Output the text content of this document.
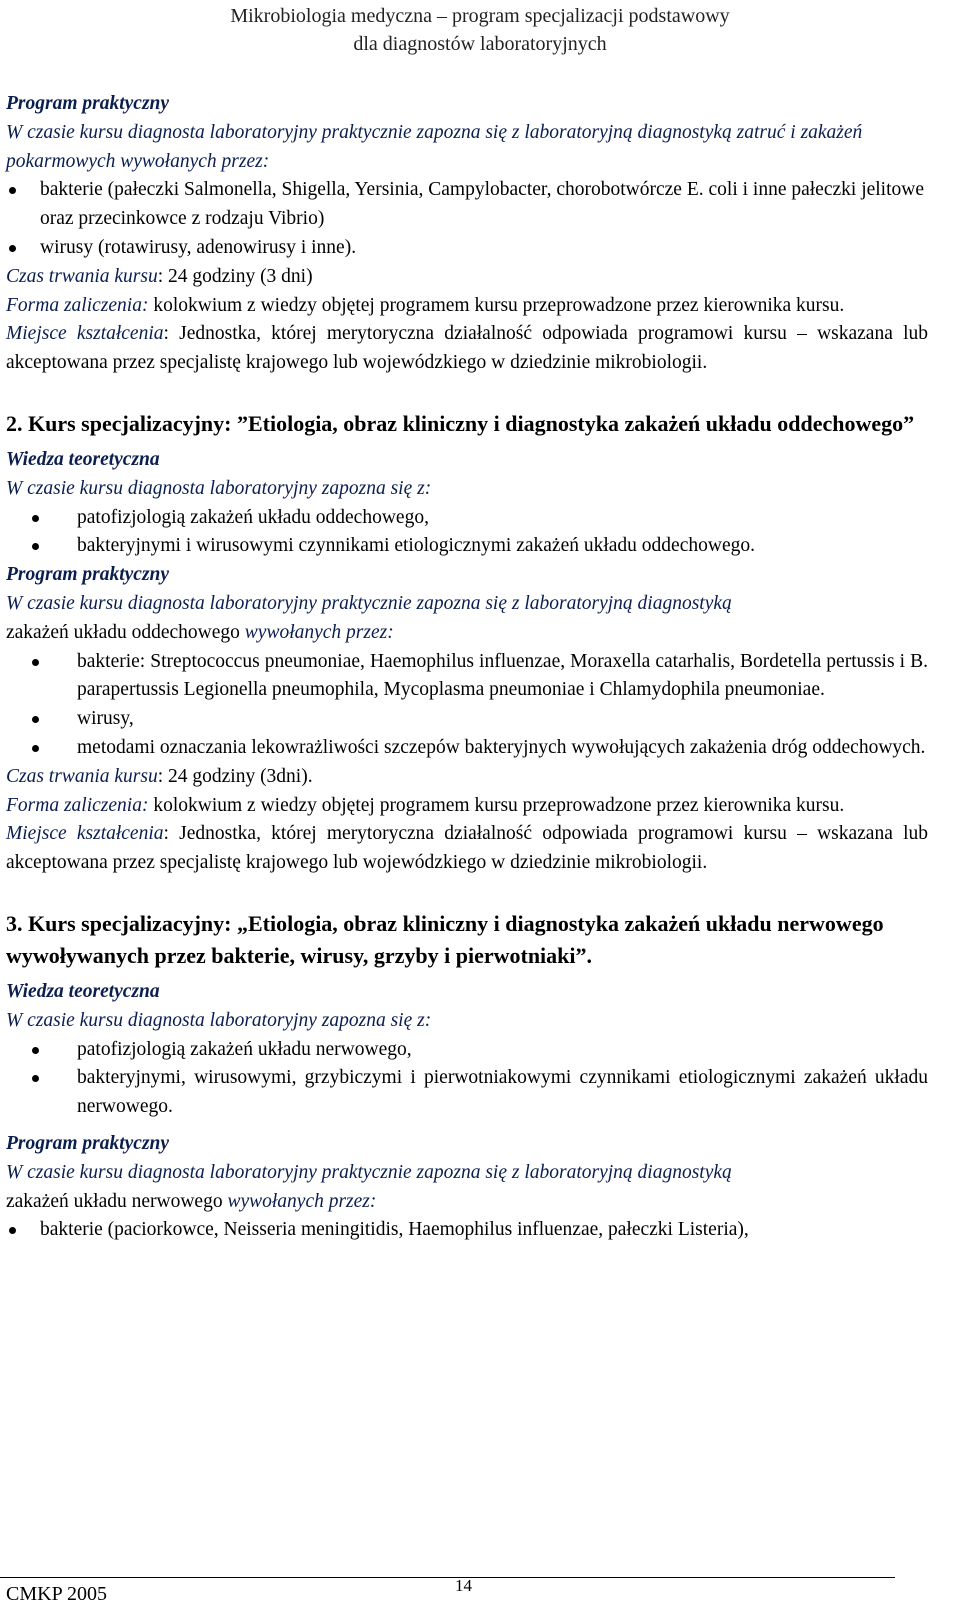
Mikrobiologia medyczna – program specjalizacji podstawowy
dla diagnostów laboratoryjnych

Program praktyczny

W czasie kursu diagnosta laboratoryjny praktycznie zapozna się z laboratoryjną diagnostyką zatruć i zakażeń pokarmowych wywołanych przez:

bakterie (pałeczki Salmonella, Shigella, Yersinia, Campylobacter, chorobotwórcze E. coli i inne pałeczki jelitowe oraz przecinkowce z rodzaju Vibrio)
wirusy (rotawirusy, adenowirusy i inne).

Czas trwania kursu: 24 godziny (3 dni)

Forma zaliczenia: kolokwium z wiedzy objętej programem kursu przeprowadzone przez kierownika kursu.

Miejsce kształcenia: Jednostka, której merytoryczna działalność odpowiada programowi kursu – wskazana lub akceptowana przez specjalistę krajowego lub wojewódzkiego w dziedzinie mikrobiologii.

2. Kurs specjalizacyjny: ”Etiologia, obraz kliniczny i diagnostyka zakażeń układu oddechowego”

Wiedza teoretyczna

W czasie kursu diagnosta laboratoryjny zapozna się z:

patofizjologią zakażeń układu oddechowego,
bakteryjnymi i wirusowymi czynnikami etiologicznymi zakażeń układu oddechowego.

Program praktyczny

W czasie kursu diagnosta laboratoryjny praktycznie zapozna się z laboratoryjną diagnostyką

zakażeń układu oddechowego wywołanych przez:

bakterie: Streptococcus pneumoniae, Haemophilus influenzae, Moraxella catarhalis, Bordetella pertussis i B. parapertussis Legionella pneumophila, Mycoplasma pneumoniae i Chlamydophila pneumoniae.
wirusy,
metodami oznaczania lekowrażliwości szczepów bakteryjnych wywołujących zakażenia dróg oddechowych.

Czas trwania kursu: 24 godziny (3dni).

Forma zaliczenia: kolokwium z wiedzy objętej programem kursu przeprowadzone przez kierownika kursu.

Miejsce kształcenia: Jednostka, której merytoryczna działalność odpowiada programowi kursu – wskazana lub akceptowana przez specjalistę krajowego lub wojewódzkiego w dziedzinie mikrobiologii.

3. Kurs specjalizacyjny: „Etiologia, obraz kliniczny i diagnostyka zakażeń układu nerwowego wywoływanych przez bakterie, wirusy, grzyby i pierwotniaki”.

Wiedza teoretyczna

W czasie kursu diagnosta laboratoryjny zapozna się z:

patofizjologią zakażeń układu nerwowego,
bakteryjnymi, wirusowymi, grzybiczymi i pierwotniakowymi czynnikami etiologicznymi zakażeń układu nerwowego.

Program praktyczny

W czasie kursu diagnosta laboratoryjny praktycznie zapozna się z laboratoryjną diagnostyką

zakażeń układu nerwowego wywołanych przez:

bakterie (paciorkowce, Neisseria meningitidis, Haemophilus influenzae, pałeczki Listeria),
CMKP 2005	14
